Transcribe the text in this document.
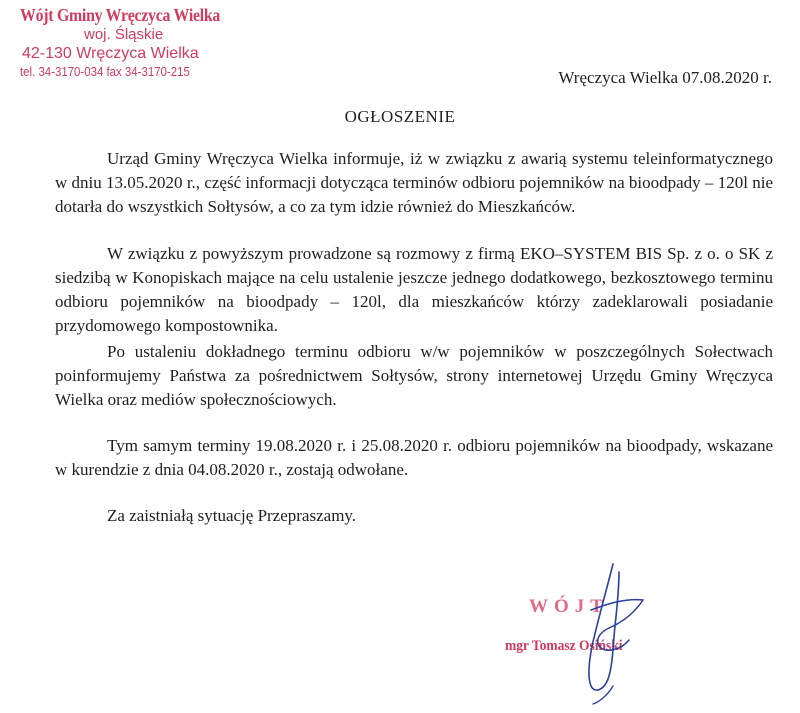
Wójt Gminy Wręczyca Wielka
woj. Śląskie
42-130 Wręczyca Wielka
tel. 34-3170-034 fax 34-3170-215	Wręczyca Wielka 07.08.2020 r.
OGŁOSZENIE

Urząd Gminy Wręczyca Wielka informuje, iż w związku z awarią systemu teleinformatycznego w dniu 13.05.2020 r., część informacji dotycząca terminów odbioru pojemników na bioodpady – 120l nie dotarła do wszystkich Sołtysów, a co za tym idzie również do Mieszkańców.

W związku z powyższym prowadzone są rozmowy z firmą EKO–SYSTEM BIS Sp. z o. o SK z siedzibą w Konopiskach mające na celu ustalenie jeszcze jednego dodatkowego, bezkosztowego terminu odbioru pojemników na bioodpady – 120l, dla mieszkańców którzy zadeklarowali posiadanie przydomowego kompostownika.

Po ustaleniu dokładnego terminu odbioru w/w pojemników w poszczególnych Sołectwach poinformujemy Państwa za pośrednictwem Sołtysów, strony internetowej Urzędu Gminy Wręczyca Wielka oraz mediów społecznościowych.

Tym samym terminy 19.08.2020 r. i 25.08.2020 r. odbioru pojemników na bioodpady, wskazane w kurendzie z dnia 04.08.2020 r., zostają odwołane.

Za zaistniałą sytuację Przepraszamy.

WÓJT
mgr Tomasz Osiński
